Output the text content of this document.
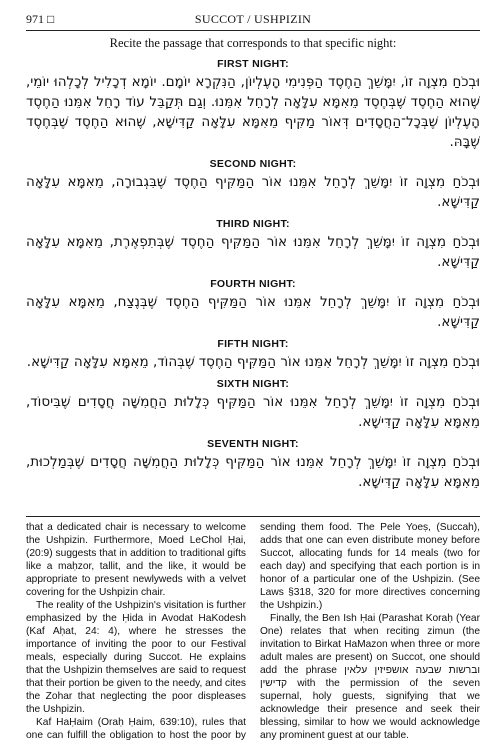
971 □	SUCCOT / USHPIZIN
Recite the passage that corresponds to that specific night:
FIRST NIGHT:

וּבְכֹחַ מִצְוָה זוֹ, יִמָּשֵׁךְ הַחֶסֶד הַפְּנִימִי הָעֶלְיוֹן, הַנִּקְרָא יוֹמָם. יוֹמָא דְכָלִיל לְכָלְהוּ יוֹמֵי, שֶׁהוּא הַחֶסֶד שֶׁבְּחֶסֶד מֵאִמָּא עִלָּאָה לְרָחֵל אִמֵּנוּ. וְגַם תְּקַבֵּל עוֹד רָחֵל אִמֵּנוּ הַחֶסֶד הָעֶלְיוֹן שֶׁבְּכָל־הַחֲסָדִים דְּאוֹר מַקִּיף מֵאִמָּא עִלָּאָה קַדִּישָׁא, שֶׁהוּא הַחֶסֶד שֶׁבְּחֶסֶד שֶׁבָּהּ.

SECOND NIGHT:

וּבְכֹחַ מִצְוָה זוֹ יִמָּשֵׁךְ לְרָחֵל אִמֵּנוּ אוֹר הַמַּקִּיף הַחֶסֶד שֶׁבִּגְבוּרָה, מֵאִמָּא עִלָּאָה קַדִּישָׁא.

THIRD NIGHT:

וּבְכֹחַ מִצְוָה זוֹ יִמָּשֵׁךְ לְרָחֵל אִמֵּנוּ אוֹר הַמַּקִּיף הַחֶסֶד שֶׁבְּתִפְאֶרֶת, מֵאִמָּא עִלָּאָה קַדִּישָׁא.

FOURTH NIGHT:

וּבְכֹחַ מִצְוָה זוֹ יִמָּשֵׁךְ לְרָחֵל אִמֵּנוּ אוֹר הַמַּקִּיף הַחֶסֶד שֶׁבְּנֶצַח, מֵאִמָּא עִלָּאָה קַדִּישָׁא.

FIFTH NIGHT:

וּבְכֹחַ מִצְוָה זוֹ יִמָּשֵׁךְ לְרָחֵל אִמֵּנוּ אוֹר הַמַּקִּיף הַחֶסֶד שֶׁבְּהוֹד, מֵאִמָּא עִלָּאָה קַדִּישָׁא.

SIXTH NIGHT:

וּבְכֹחַ מִצְוָה זוֹ יִמָּשֵׁךְ לְרָחֵל אִמֵּנוּ אוֹר הַמַּקִּיף כְּלָלוּת הַחֲמִשָּׁה חֲסָדִים שֶׁבִּיסוֹד, מֵאִמָּא עִלָּאָה קַדִּישָׁא.

SEVENTH NIGHT:

וּבְכֹחַ מִצְוָה זוֹ יִמָּשֵׁךְ לְרָחֵל אִמֵּנוּ אוֹר הַמַּקִּיף כְּלָלוּת הַחֲמִשָּׁה חֲסָדִים שֶׁבְּמַלְכוּת, מֵאִמָּא עִלָּאָה קַדִּישָׁא.

that a dedicated chair is necessary to welcome the Ushpizin. Furthermore, Moed LeChol Ḥai, (20:9) suggests that in addition to traditional gifts like a maḥzor, tallit, and the like, it would be appropriate to present newlyweds with a velvet covering for the Ushpizin chair.

The reality of the Ushpizin's visitation is further emphasized by the Ḥida in Avodat HaKodesh (Kaf Aḥat, 24: 4), where he stresses the importance of inviting the poor to our Festival meals, especially during Succot. He explains that the Ushpizin themselves are said to request that their portion be given to the needy, and cites the Zohar that neglecting the poor displeases the Ushpizin.

Kaf HaḤaim (Oraḥ Ḥaim, 639:10), rules that one can fulfill the obligation to host the poor by sending them food. The Pele Yoeṣ, (Succah), adds that one can even distribute money before Succot, allocating funds for 14 meals (two for each day) and specifying that each portion is in honor of a particular one of the Ushpizin. (See Laws §318, 320 for more directives concerning the Ushpizin.)

Finally, the Ben Ish Ḥai (Parashat Koraḥ (Year One) relates that when reciting zimun (the invitation to Birkat HaMazon when three or more adult males are present) on Succot, one should add the phrase וברשות שבעה אושפיזין עלאין קדישין with the permission of the seven supernal, holy guests, signifying that we acknowledge their presence and seek their blessing, similar to how we would acknowledge any prominent guest at our table.
